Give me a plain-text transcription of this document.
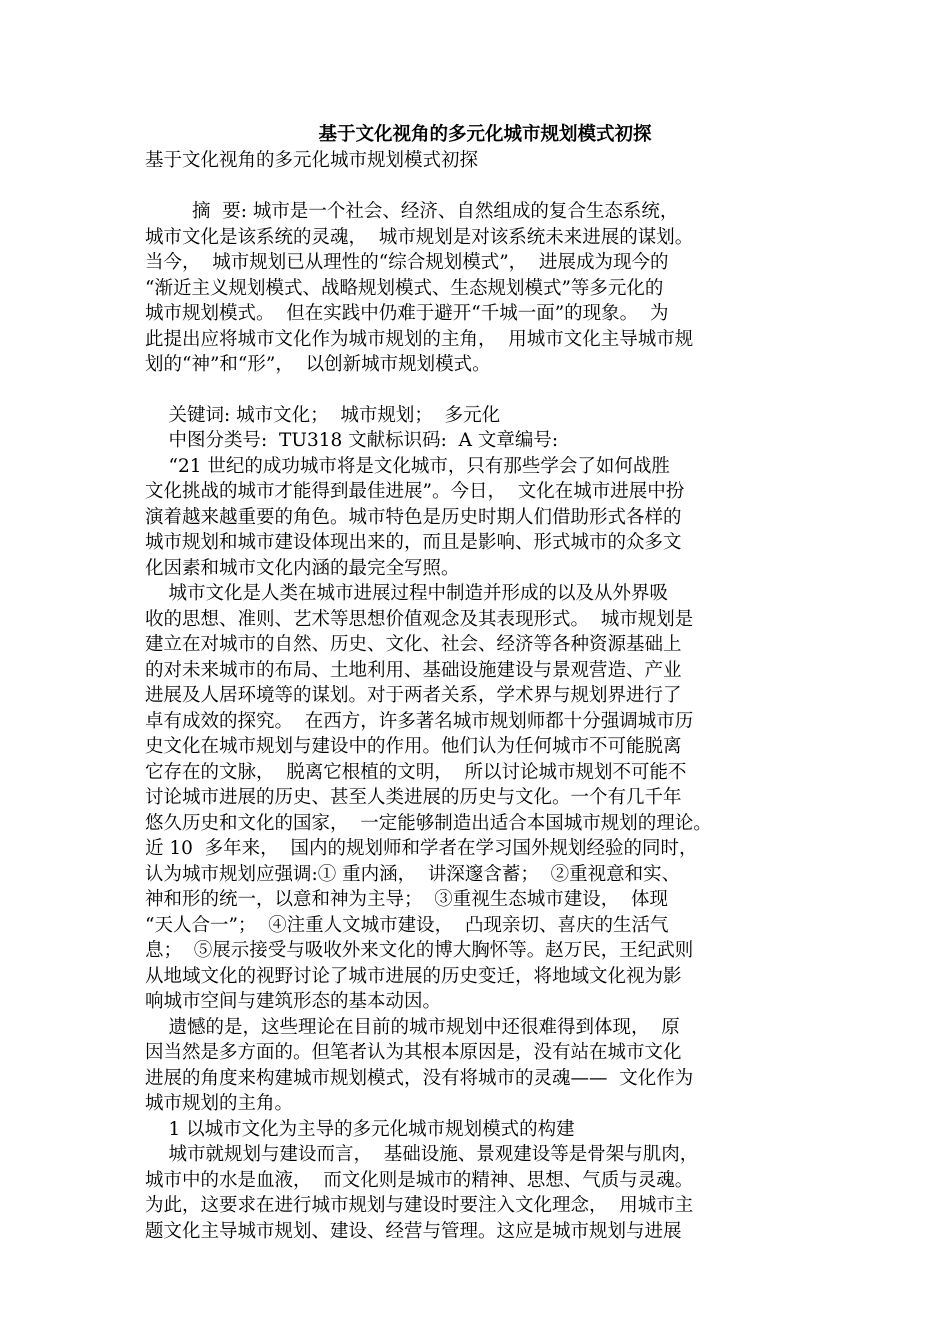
基于文化视角的多元化城市规划模式初探
基于文化视角的多元化城市规划模式初探
摘  要: 城市是一个社会、经济、自然组成的复合生态系统，
城市文化是该系统的灵魂，  城市规划是对该系统未来进展的谋划。
当今，  城市规划已从理性的“综合规划模式”，  进展成为现今的
“渐近主义规划模式、战略规划模式、生态规划模式”等多元化的
城市规划模式。  但在实践中仍难于避开“千城一面”的现象。  为
此提出应将城市文化作为城市规划的主角，  用城市文化主导城市规
划的“神”和“形”，  以创新城市规划模式。
关键词: 城市文化；  城市规划；  多元化
中图分类号:  TU318 文献标识码:  A 文章编号:
“21 世纪的成功城市将是文化城市，只有那些学会了如何战胜
文化挑战的城市才能得到最佳进展”。今日，  文化在城市进展中扮
演着越来越重要的角色。城市特色是历史时期人们借助形式各样的
城市规划和城市建设体现出来的，而且是影响、形式城市的众多文
化因素和城市文化内涵的最完全写照。
城市文化是人类在城市进展过程中制造并形成的以及从外界吸
收的思想、准则、艺术等思想价值观念及其表现形式。  城市规划是
建立在对城市的自然、历史、文化、社会、经济等各种资源基础上
的对未来城市的布局、土地利用、基础设施建设与景观营造、产业
进展及人居环境等的谋划。对于两者关系，学术界与规划界进行了
卓有成效的探究。  在西方，许多著名城市规划师都十分强调城市历
史文化在城市规划与建设中的作用。他们认为任何城市不可能脱离
它存在的文脉，  脱离它根植的文明，  所以讨论城市规划不可能不
讨论城市进展的历史、甚至人类进展的历史与文化。一个有几千年
悠久历史和文化的国家，  一定能够制造出适合本国城市规划的理论。
近 10  多年来，  国内的规划师和学者在学习国外规划经验的同时，
认为城市规划应强调:① 重内涵，  讲深邃含蓄；  ②重视意和实、
神和形的统一，以意和神为主导；  ③重视生态城市建设，  体现
“天人合一”；  ④注重人文城市建设，  凸现亲切、喜庆的生活气
息；  ⑤展示接受与吸收外来文化的博大胸怀等。赵万民，王纪武则
从地域文化的视野讨论了城市进展的历史变迁，将地域文化视为影
响城市空间与建筑形态的基本动因。
遗憾的是，这些理论在目前的城市规划中还很难得到体现，  原
因当然是多方面的。但笔者认为其根本原因是，没有站在城市文化
进展的角度来构建城市规划模式，没有将城市的灵魂——  文化作为
城市规划的主角。
1 以城市文化为主导的多元化城市规划模式的构建
城市就规划与建设而言，  基础设施、景观建设等是骨架与肌肉，
城市中的水是血液，  而文化则是城市的精神、思想、气质与灵魂。
为此，这要求在进行城市规划与建设时要注入文化理念，  用城市主
题文化主导城市规划、建设、经营与管理。这应是城市规划与进展
